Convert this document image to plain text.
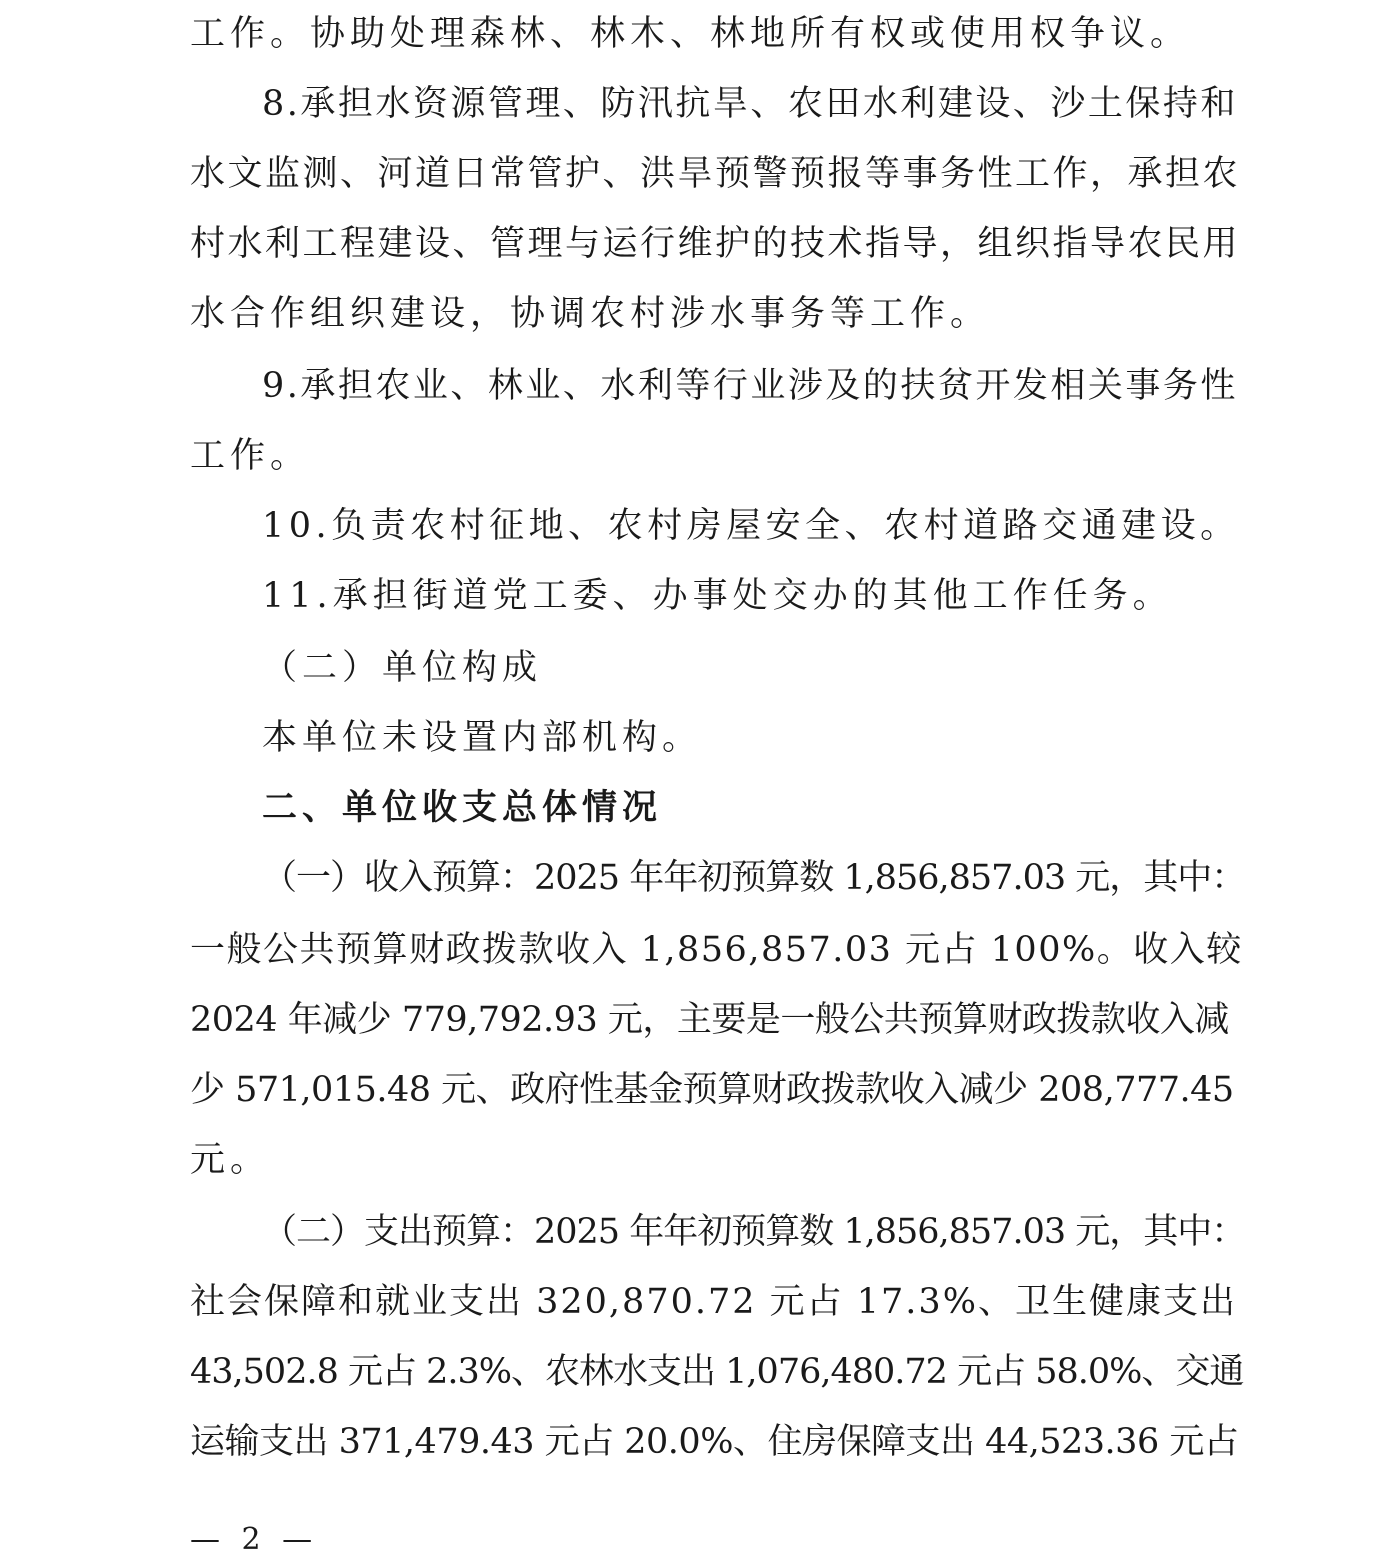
工作。协助处理森林、林木、林地所有权或使用权争议。
8.承担水资源管理、防汛抗旱、农田水利建设、沙土保持和
水文监测、河道日常管护、洪旱预警预报等事务性工作，承担农
村水利工程建设、管理与运行维护的技术指导，组织指导农民用
水合作组织建设，协调农村涉水事务等工作。
9.承担农业、林业、水利等行业涉及的扶贫开发相关事务性
工作。
10.负责农村征地、农村房屋安全、农村道路交通建设。
11.承担街道党工委、办事处交办的其他工作任务。
（二）单位构成
本单位未设置内部机构。
二、单位收支总体情况
（一）收入预算：2025 年年初预算数 1,856,857.03 元，其中：
一般公共预算财政拨款收入 1,856,857.03 元占 100%。收入较
2024 年减少 779,792.93 元，主要是一般公共预算财政拨款收入减
少 571,015.48 元、政府性基金预算财政拨款收入减少 208,777.45
元。
（二）支出预算：2025 年年初预算数 1,856,857.03 元，其中：
社会保障和就业支出 320,870.72 元占 17.3%、卫生健康支出
43,502.8 元占 2.3%、农林水支出 1,076,480.72 元占 58.0%、交通
运输支出 371,479.43 元占 20.0%、住房保障支出 44,523.36 元占
— 2 —
